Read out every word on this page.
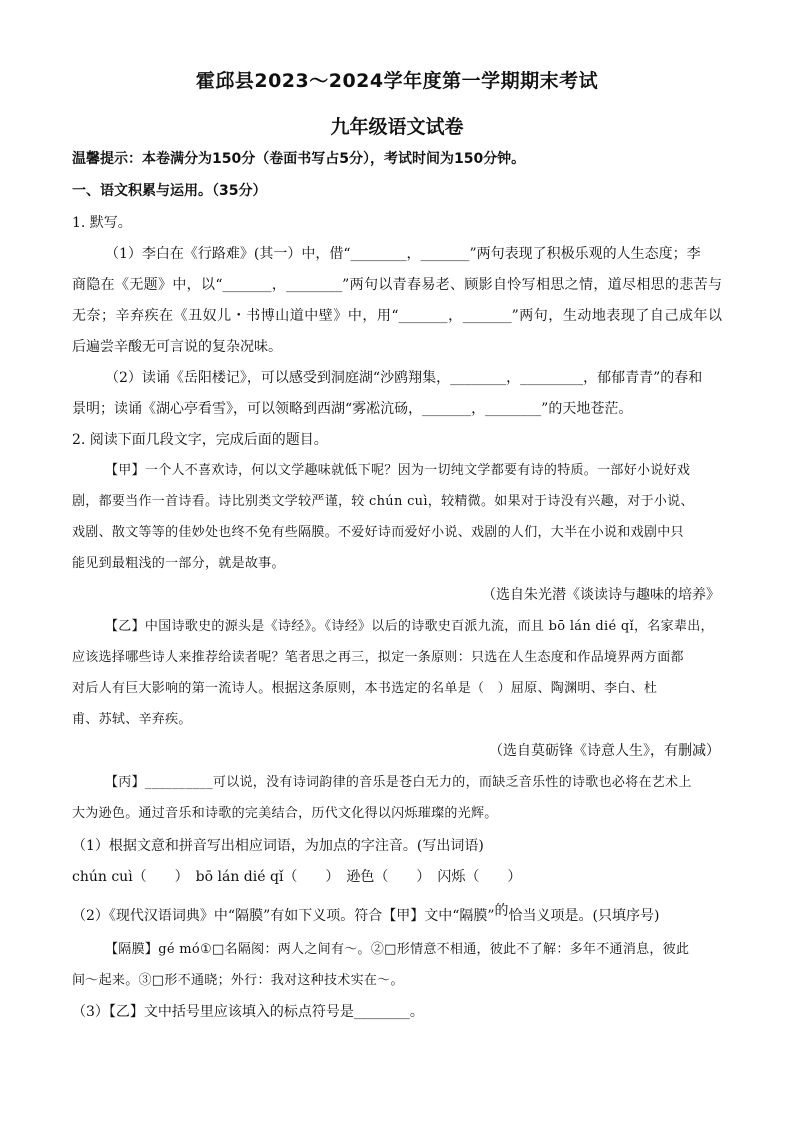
霍邱县2023～2024学年度第一学期期末考试
九年级语文试卷
温馨提示：本卷满分为150分（卷面书写占5分），考试时间为150分钟。
一、语文积累与运用。（35分）
1. 默写。
（1）李白在《行路难》(其一）中，借“________，_______”两句表现了积极乐观的人生态度；李
商隐在《无题》中，以“_______，________”两句以青春易老、顾影自怜写相思之情，道尽相思的悲苦与
无奈；辛弃疾在《丑奴儿・书博山道中壁》中，用“_______，_______”两句，生动地表现了自己成年以
后遍尝辛酸无可言说的复杂况味。
（2）读诵《岳阳楼记》，可以感受到洞庭湖“沙鸥翔集，________，_________，郁郁青青”的春和
景明；读诵《湖心亭看雪》，可以领略到西湖“雾凇沆砀，_______，________”的天地苍茫。
2. 阅读下面几段文字，完成后面的题目。
【甲】一个人不喜欢诗，何以文学趣味就低下呢？因为一切纯文学都要有诗的特质。一部好小说好戏
剧，都要当作一首诗看。诗比别类文学较严谨，较 chún cuì，较精微。如果对于诗没有兴趣，对于小说、
戏剧、散文等等的佳妙处也终不免有些隔膜。不爱好诗而爱好小说、戏剧的人们，大半在小说和戏剧中只
能见到最粗浅的一部分，就是故事。
（选自朱光潜《谈读诗与趣味的培养》
【乙】中国诗歌史的源头是《诗经》。《诗经》以后的诗歌史百派九流，而且 bō lán dié qǐ，名家辈出，
应该选择哪些诗人来推荐给读者呢？笔者思之再三，拟定一条原则：只选在人生态度和作品境界两方面都
对后人有巨大影响的第一流诗人。根据这条原则，本书选定的名单是（　）屈原、陶渊明、李白、杜
甫、苏轼、辛弃疾。
（选自莫砺锋《诗意人生》，有删减）
【丙】__________可以说，没有诗词韵律的音乐是苍白无力的，而缺乏音乐性的诗歌也必将在艺术上
大为逊色。通过音乐和诗歌的完美结合，历代文化得以闪烁璀璨的光辉。
（1）根据文意和拼音写出相应词语，为加点的字注音。(写出词语)
chún cuì（　　）　bō lán dié qǐ（　　）　逊色（　　）　闪烁（　　）
（2）《现代汉语词典》中“隔膜”有如下义项。符合【甲】文中“隔膜”的恰当义项是。(只填序号)
【隔膜】gé mó①□名隔阂：两人之间有～。②□形情意不相通，彼此不了解：多年不通消息，彼此
间～起来。③□形不通晓；外行：我对这种技术实在～。
（3）【乙】文中括号里应该填入的标点符号是________。
